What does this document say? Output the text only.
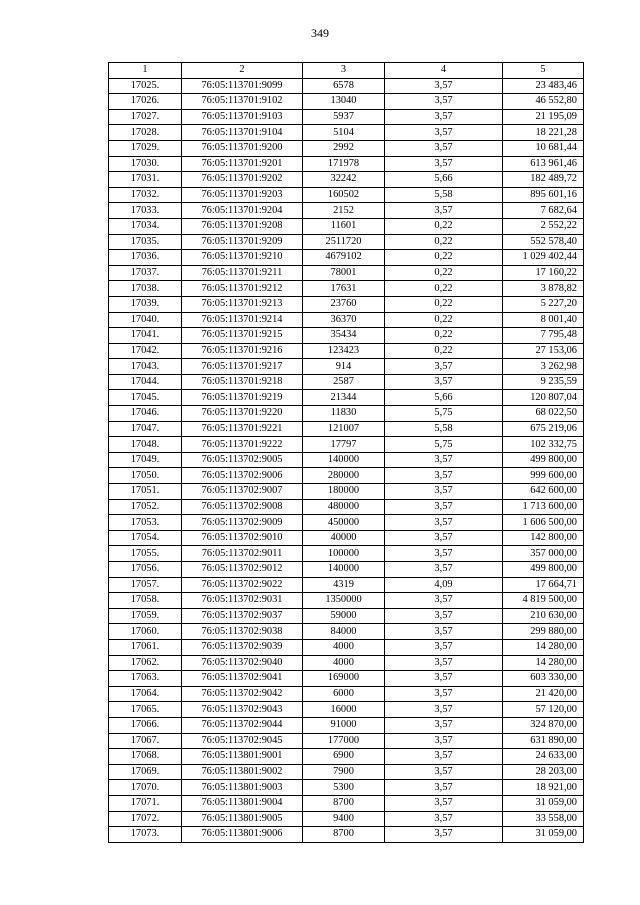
349
1	2	3	4	5
17025.	76:05:113701:9099	6578	3,57	23 483,46
17026.	76:05:113701:9102	13040	3,57	46 552,80
17027.	76:05:113701:9103	5937	3,57	21 195,09
17028.	76:05:113701:9104	5104	3,57	18 221,28
17029.	76:05:113701:9200	2992	3,57	10 681,44
17030.	76:05:113701:9201	171978	3,57	613 961,46
17031.	76:05:113701:9202	32242	5,66	182 489,72
17032.	76:05:113701:9203	160502	5,58	895 601,16
17033.	76:05:113701:9204	2152	3,57	7 682,64
17034.	76:05:113701:9208	11601	0,22	2 552,22
17035.	76:05:113701:9209	2511720	0,22	552 578,40
17036.	76:05:113701:9210	4679102	0,22	1 029 402,44
17037.	76:05:113701:9211	78001	0,22	17 160,22
17038.	76:05:113701:9212	17631	0,22	3 878,82
17039.	76:05:113701:9213	23760	0,22	5 227,20
17040.	76:05:113701:9214	36370	0,22	8 001,40
17041.	76:05:113701:9215	35434	0,22	7 795,48
17042.	76:05:113701:9216	123423	0,22	27 153,06
17043.	76:05:113701:9217	914	3,57	3 262,98
17044.	76:05:113701:9218	2587	3,57	9 235,59
17045.	76:05:113701:9219	21344	5,66	120 807,04
17046.	76:05:113701:9220	11830	5,75	68 022,50
17047.	76:05:113701:9221	121007	5,58	675 219,06
17048.	76:05:113701:9222	17797	5,75	102 332,75
17049.	76:05:113702:9005	140000	3,57	499 800,00
17050.	76:05:113702:9006	280000	3,57	999 600,00
17051.	76:05:113702:9007	180000	3,57	642 600,00
17052.	76:05:113702:9008	480000	3,57	1 713 600,00
17053.	76:05:113702:9009	450000	3,57	1 606 500,00
17054.	76:05:113702:9010	40000	3,57	142 800,00
17055.	76:05:113702:9011	100000	3,57	357 000,00
17056.	76:05:113702:9012	140000	3,57	499 800,00
17057.	76:05:113702:9022	4319	4,09	17 664,71
17058.	76:05:113702:9031	1350000	3,57	4 819 500,00
17059.	76:05:113702:9037	59000	3,57	210 630,00
17060.	76:05:113702:9038	84000	3,57	299 880,00
17061.	76:05:113702:9039	4000	3,57	14 280,00
17062.	76:05:113702:9040	4000	3,57	14 280,00
17063.	76:05:113702:9041	169000	3,57	603 330,00
17064.	76:05:113702:9042	6000	3,57	21 420,00
17065.	76:05:113702:9043	16000	3,57	57 120,00
17066.	76:05:113702:9044	91000	3,57	324 870,00
17067.	76:05:113702:9045	177000	3,57	631 890,00
17068.	76:05:113801:9001	6900	3,57	24 633,00
17069.	76:05:113801:9002	7900	3,57	28 203,00
17070.	76:05:113801:9003	5300	3,57	18 921,00
17071.	76:05:113801:9004	8700	3,57	31 059,00
17072.	76:05:113801:9005	9400	3,57	33 558,00
17073.	76:05:113801:9006	8700	3,57	31 059,00
